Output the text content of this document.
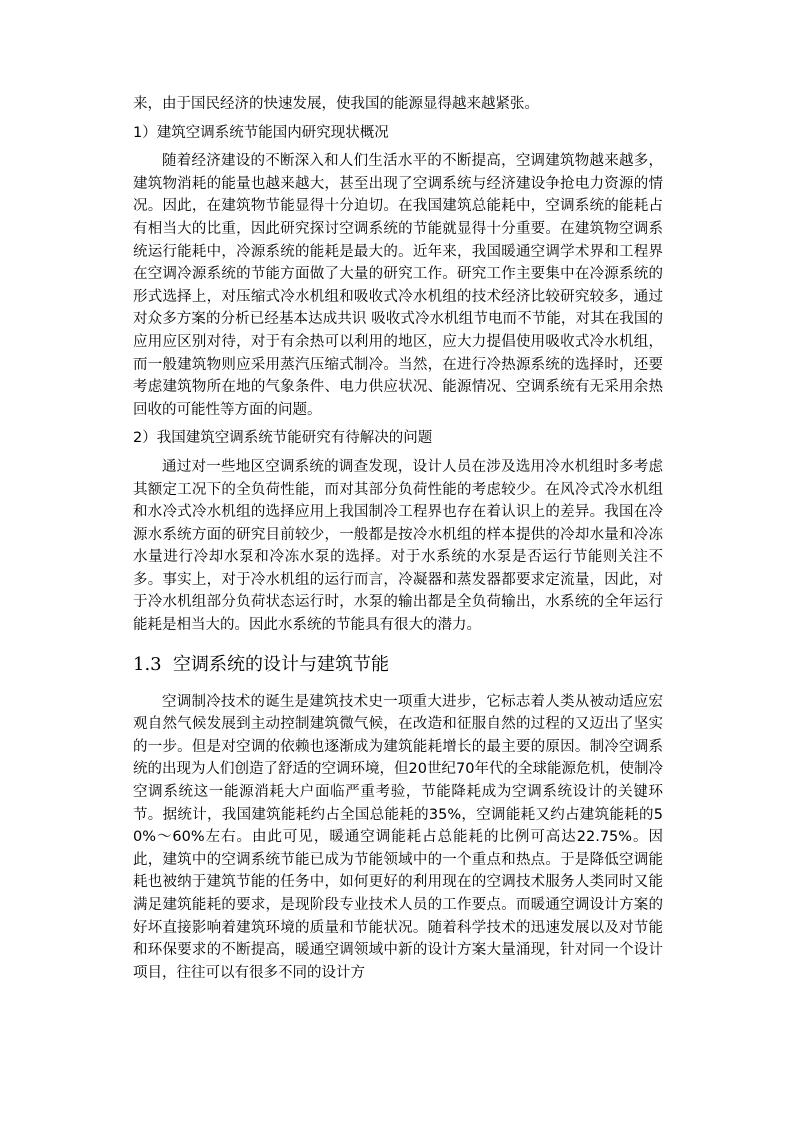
来，由于国民经济的快速发展，使我国的能源显得越来越紧张。

1）建筑空调系统节能国内研究现状概况

随着经济建设的不断深入和人们生活水平的不断提高，空调建筑物越来越多，建筑物消耗的能量也越来越大，甚至出现了空调系统与经济建设争抢电力资源的情况。因此，在建筑物节能显得十分迫切。在我国建筑总能耗中，空调系统的能耗占有相当大的比重，因此研究探讨空调系统的节能就显得十分重要。在建筑物空调系统运行能耗中，冷源系统的能耗是最大的。近年来，我国暖通空调学术界和工程界在空调冷源系统的节能方面做了大量的研究工作。研究工作主要集中在冷源系统的形式选择上，对压缩式冷水机组和吸收式冷水机组的技术经济比较研究较多，通过对众多方案的分析已经基本达成共识 吸收式冷水机组节电而不节能，对其在我国的应用应区别对待，对于有余热可以利用的地区，应大力提倡使用吸收式冷水机组，而一般建筑物则应采用蒸汽压缩式制冷。当然，在进行冷热源系统的选择时，还要考虑建筑物所在地的气象条件、电力供应状况、能源情况、空调系统有无采用余热回收的可能性等方面的问题。

2）我国建筑空调系统节能研究有待解决的问题

通过对一些地区空调系统的调查发现，设计人员在涉及选用冷水机组时多考虑其额定工况下的全负荷性能，而对其部分负荷性能的考虑较少。在风冷式冷水机组和水冷式冷水机组的选择应用上我国制冷工程界也存在着认识上的差异。我国在冷源水系统方面的研究目前较少，一般都是按冷水机组的样本提供的冷却水量和冷冻水量进行冷却水泵和冷冻水泵的选择。对于水系统的水泵是否运行节能则关注不多。事实上，对于冷水机组的运行而言，冷凝器和蒸发器都要求定流量，因此，对于冷水机组部分负荷状态运行时，水泵的输出都是全负荷输出，水系统的全年运行能耗是相当大的。因此水系统的节能具有很大的潜力。

1.3 空调系统的设计与建筑节能

空调制冷技术的诞生是建筑技术史一项重大进步，它标志着人类从被动适应宏观自然气候发展到主动控制建筑微气候，在改造和征服自然的过程的又迈出了坚实的一步。但是对空调的依赖也逐渐成为建筑能耗增长的最主要的原因。制冷空调系统的出现为人们创造了舒适的空调环境，但20世纪70年代的全球能源危机，使制冷空调系统这一能源消耗大户面临严重考验，节能降耗成为空调系统设计的关键环节。据统计，我国建筑能耗约占全国总能耗的35%，空调能耗又约占建筑能耗的50%～60%左右。由此可见，暖通空调能耗占总能耗的比例可高达22.75%。因此，建筑中的空调系统节能已成为节能领域中的一个重点和热点。于是降低空调能耗也被纳于建筑节能的任务中，如何更好的利用现在的空调技术服务人类同时又能满足建筑能耗的要求，是现阶段专业技术人员的工作要点。而暖通空调设计方案的好坏直接影响着建筑环境的质量和节能状况。随着科学技术的迅速发展以及对节能和环保要求的不断提高，暖通空调领域中新的设计方案大量涌现，针对同一个设计项目，往往可以有很多不同的设计方
